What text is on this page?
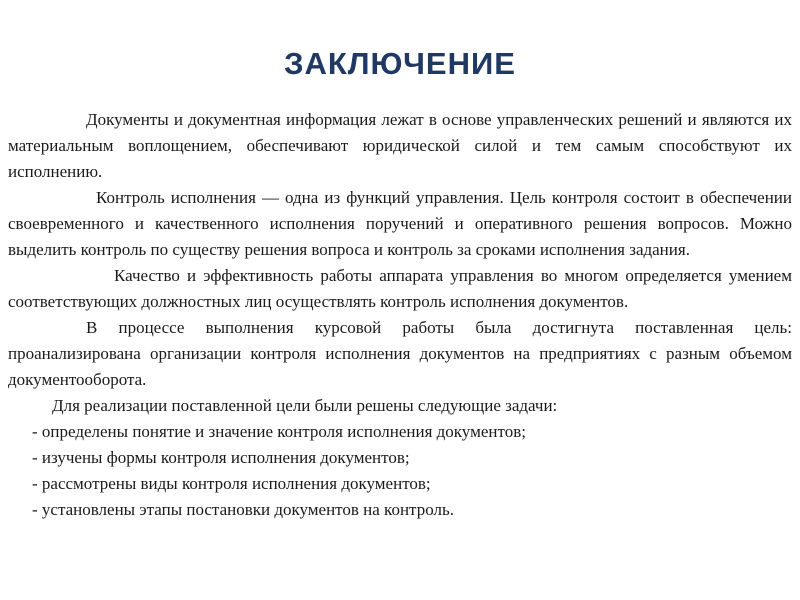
ЗАКЛЮЧЕНИЕ

Документы и документная информация лежат в основе управленческих решений и являются их материальным воплощением, обеспечивают юридической силой и тем самым способствуют их исполнению.

Контроль исполнения — одна из функций управления. Цель контроля состоит в обеспечении своевременного и качественного исполнения поручений и оперативного решения вопросов. Можно выделить контроль по существу решения вопроса и контроль за сроками исполнения задания.

Качество и эффективность работы аппарата управления во многом определяется умением соответствующих должностных лиц осуществлять контроль исполнения документов.

В процессе выполнения курсовой работы была достигнута поставленная цель: проанализирована организации контроля исполнения документов на предприятиях с разным объемом документооборота.

Для реализации поставленной цели были решены следующие задачи:

- определены понятие и значение контроля исполнения документов;
- изучены формы контроля исполнения документов;
- рассмотрены виды контроля исполнения документов;
- установлены этапы постановки документов на контроль.
